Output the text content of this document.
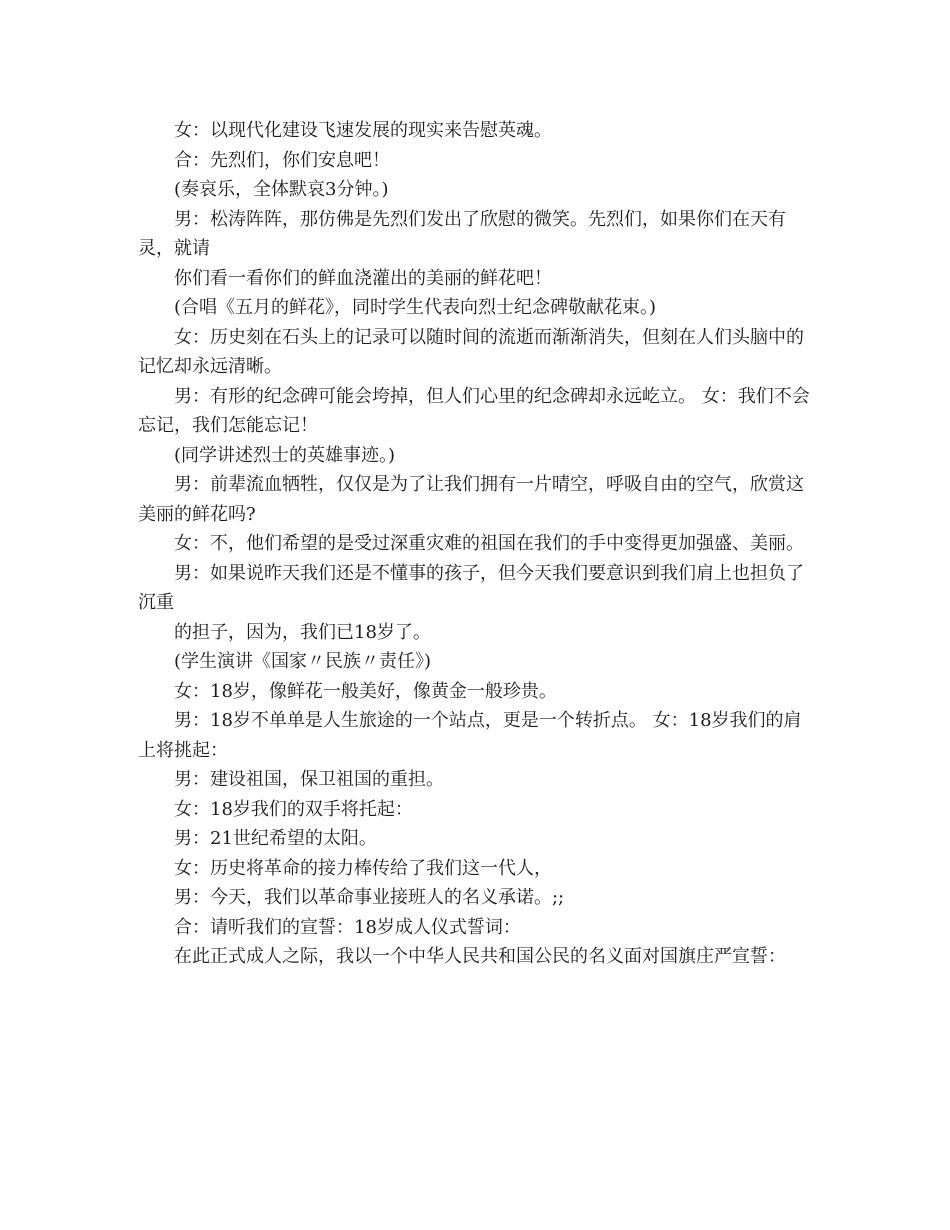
女：以现代化建设飞速发展的现实来告慰英魂。

合：先烈们，你们安息吧！

(奏哀乐，全体默哀3分钟。)

男：松涛阵阵，那仿佛是先烈们发出了欣慰的微笑。先烈们，如果你们在天有灵，就请

你们看一看你们的鲜血浇灌出的美丽的鲜花吧！

(合唱《五月的鲜花》，同时学生代表向烈士纪念碑敬献花束。)

女：历史刻在石头上的记录可以随时间的流逝而渐渐消失，但刻在人们头脑中的记忆却永远清晰。

男：有形的纪念碑可能会垮掉，但人们心里的纪念碑却永远屹立。 女：我们不会忘记，我们怎能忘记！

(同学讲述烈士的英雄事迹。)

男：前辈流血牺牲，仅仅是为了让我们拥有一片晴空，呼吸自由的空气，欣赏这美丽的鲜花吗?

女：不，他们希望的是受过深重灾难的祖国在我们的手中变得更加强盛、美丽。

男：如果说昨天我们还是不懂事的孩子，但今天我们要意识到我们肩上也担负了沉重

的担子，因为，我们已18岁了。

(学生演讲《国家〃民族〃责任》)

女：18岁，像鲜花一般美好，像黄金一般珍贵。

男：18岁不单单是人生旅途的一个站点，更是一个转折点。 女：18岁我们的肩上将挑起：

男：建设祖国，保卫祖国的重担。

女：18岁我们的双手将托起：

男：21世纪希望的太阳。

女：历史将革命的接力棒传给了我们这一代人，

男：今天，我们以革命事业接班人的名义承诺。;;

合：请听我们的宣誓：18岁成人仪式誓词：

在此正式成人之际，我以一个中华人民共和国公民的名义面对国旗庄严宣誓：
